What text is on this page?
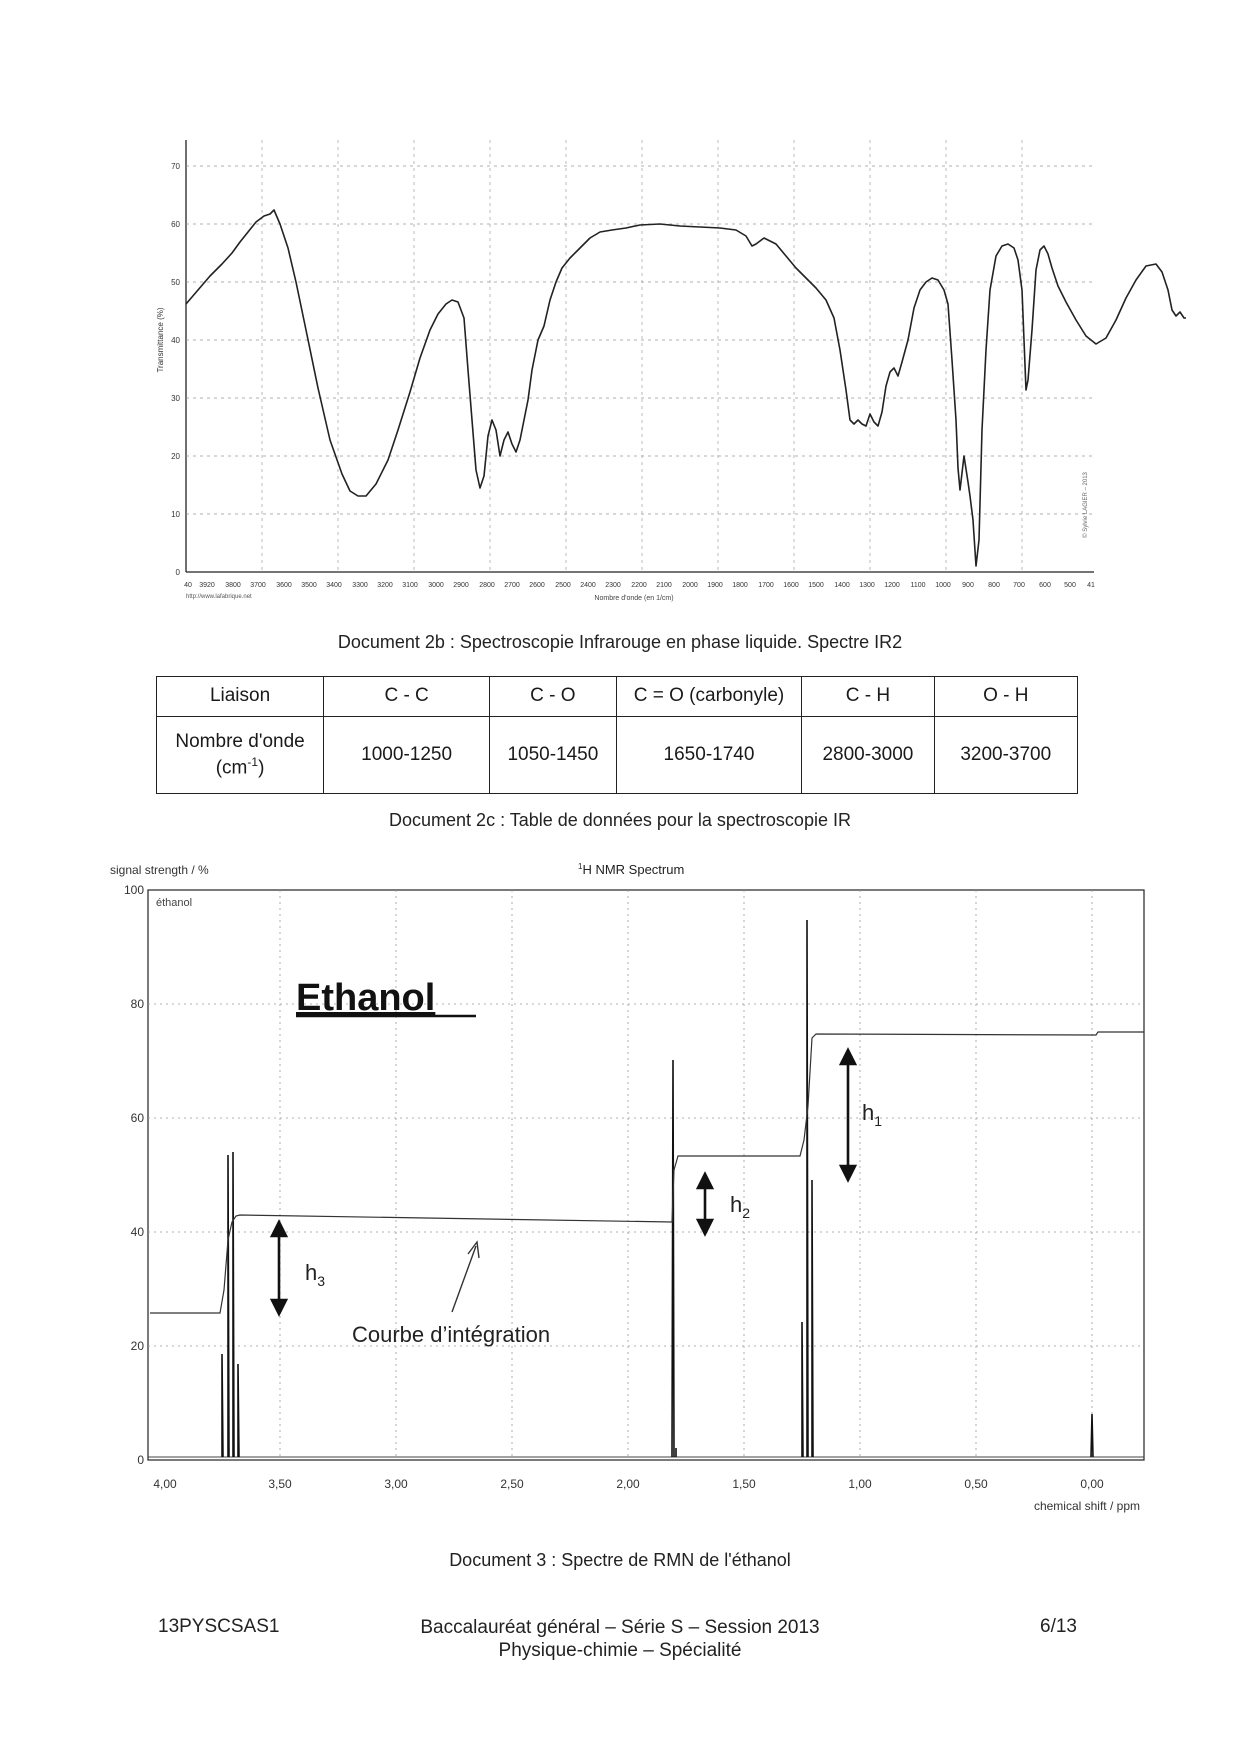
70
60
50
40
30
20
10
0
Transmittance (%)
40 3920 3800 3700 3600 3500 3400 3300 3200 3100 3000 2900 2800 2700 2600 2500 2400 2300 2200 2100 2000 1900 1800 1700 1600 1500 1400 1300 1200 1100 1000 900 800 700 600 500 41
http://www.lafabrique.net	Nombre d'onde (en 1/cm)
© Sylvie LAGIER – 2013
Document 2b : Spectroscopie Infrarouge en phase liquide. Spectre IR2
Liaison	C - C	C - O	C = O (carbonyle)	C - H	O - H
Nombre d'onde
$(cm^{-1})$	1000-1250	1050-1450	1650-1740	2800-3000	3200-3700
Document 2c : Table de données pour la spectroscopie IR
signal strength / %	$^1$H NMR Spectrum
100
80
60
40
20
0
4,00	3,50	3,00	2,50	2,00	1,50	1,00	0,50	0,00
chemical shift / ppm
éthanol
Ethanol
$h_3$
$h_2$
$h_1$
Courbe d’intégration
Document 3 : Spectre de RMN de l'éthanol
13PYSCSAS1	Baccalauréat général – Série S – Session 2013
Physique-chimie – Spécialité
6/13
